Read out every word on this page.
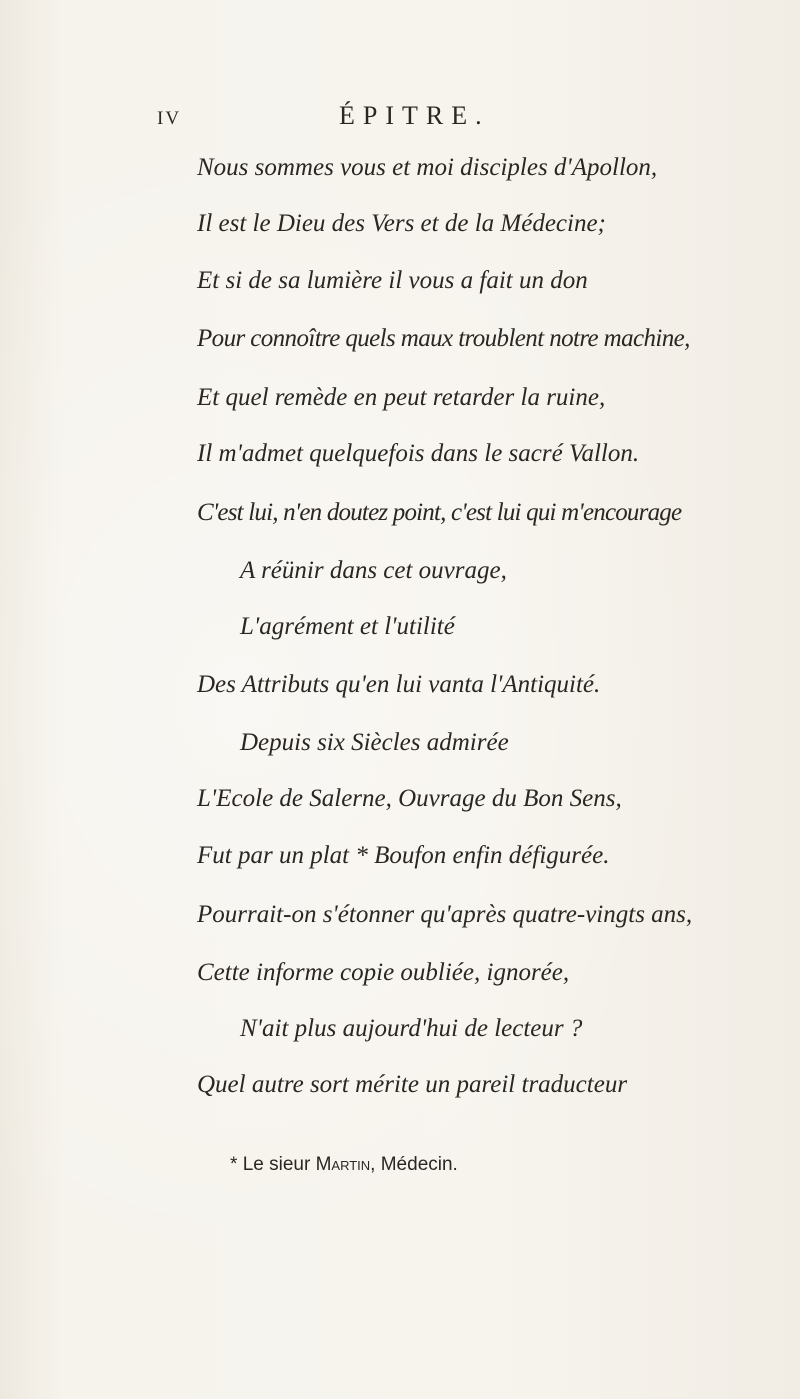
IV	ÉPITRE.
Nous sommes vous et moi disciples d'Apollon,
Il est le Dieu des Vers et de la Médecine;
Et si de sa lumière il vous a fait un don
Pour connoître quels maux troublent notre machine,
Et quel remède en peut retarder la ruine,
Il m'admet quelquefois dans le sacré Vallon.
C'est lui, n'en doutez point, c'est lui qui m'encourage
A réünir dans cet ouvrage,
L'agrément et l'utilité
Des Attributs qu'en lui vanta l'Antiquité.
Depuis six Siècles admirée
L'Ecole de Salerne, Ouvrage du Bon Sens,
Fut par un plat * Boufon enfin défigurée.
Pourrait-on s'étonner qu'après quatre-vingts ans,
Cette informe copie oubliée, ignorée,
N'ait plus aujourd'hui de lecteur ?
Quel autre sort mérite un pareil traducteur
* Le sieur Martin, Médecin.
